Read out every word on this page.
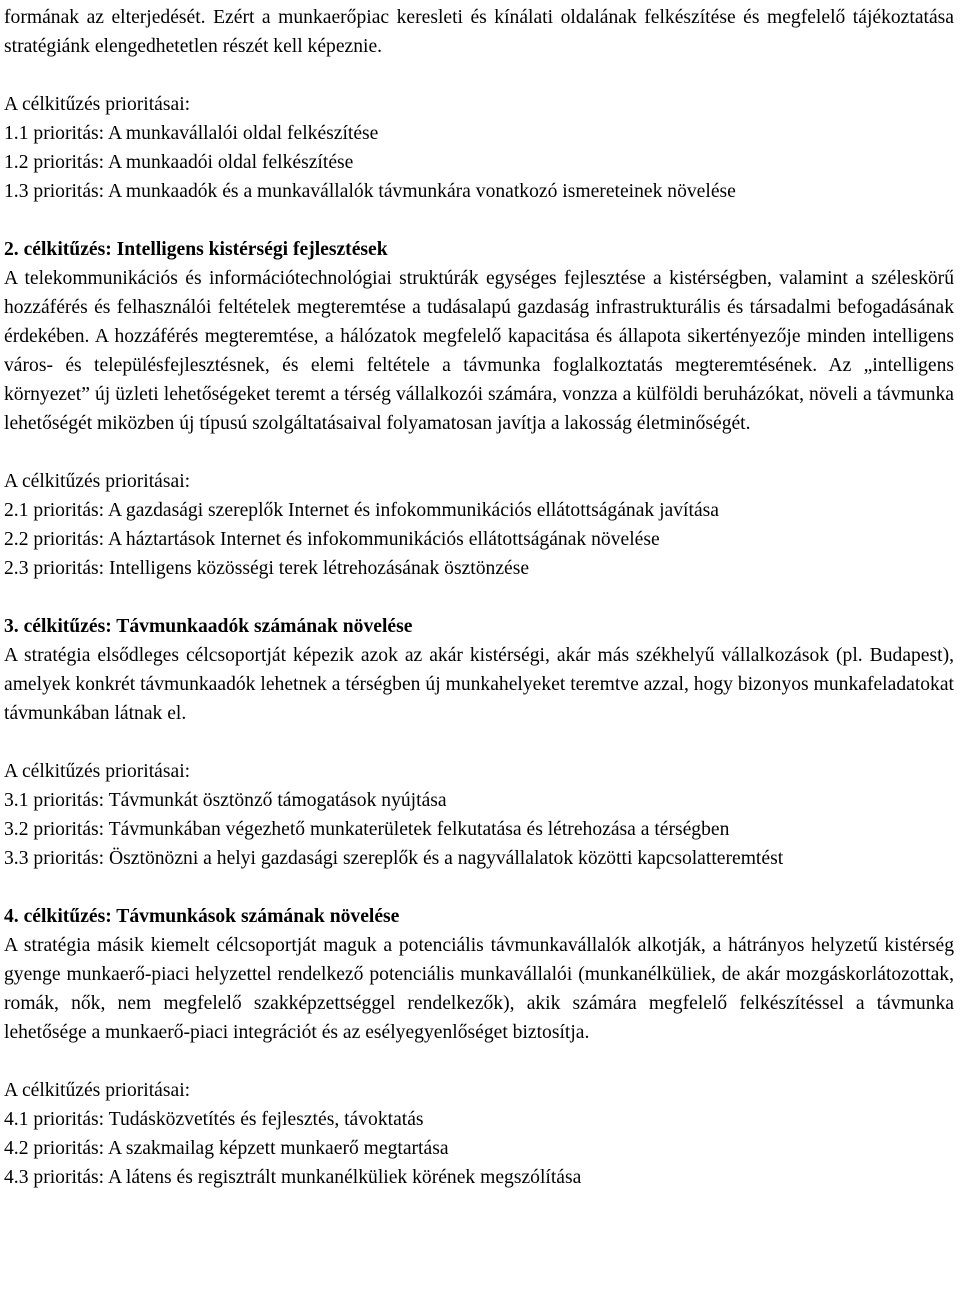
formának az elterjedését. Ezért a munkaerőpiac keresleti és kínálati oldalának felkészítése és megfelelő tájékoztatása stratégiánk elengedhetetlen részét kell képeznie.

A célkitűzés prioritásai:
1.1 prioritás: A munkavállalói oldal felkészítése
1.2 prioritás: A munkaadói oldal felkészítése
1.3 prioritás: A munkaadók és a munkavállalók távmunkára vonatkozó ismereteinek növelése
2. célkitűzés: Intelligens kistérségi fejlesztések

A telekommunikációs és információtechnológiai struktúrák egységes fejlesztése a kistérségben, valamint a széleskörű hozzáférés és felhasználói feltételek megteremtése a tudásalapú gazdaság infrastrukturális és társadalmi befogadásának érdekében. A hozzáférés megteremtése, a hálózatok megfelelő kapacitása és állapota sikertényezője minden intelligens város- és településfejlesztésnek, és elemi feltétele a távmunka foglalkoztatás megteremtésének. Az „intelligens környezet” új üzleti lehetőségeket teremt a térség vállalkozói számára, vonzza a külföldi beruházókat, növeli a távmunka lehetőségét miközben új típusú szolgáltatásaival folyamatosan javítja a lakosság életminőségét.

A célkitűzés prioritásai:
2.1 prioritás: A gazdasági szereplők Internet és infokommunikációs ellátottságának javítása
2.2 prioritás: A háztartások Internet és infokommunikációs ellátottságának növelése
2.3 prioritás: Intelligens közösségi terek létrehozásának ösztönzése
3. célkitűzés: Távmunkaadók számának növelése

A stratégia elsődleges célcsoportját képezik azok az akár kistérségi, akár más székhelyű vállalkozások (pl. Budapest), amelyek konkrét távmunkaadók lehetnek a térségben új munkahelyeket teremtve azzal, hogy bizonyos munkafeladatokat távmunkában látnak el.

A célkitűzés prioritásai:
3.1 prioritás: Távmunkát ösztönző támogatások nyújtása
3.2 prioritás: Távmunkában végezhető munkaterületek felkutatása és létrehozása a térségben

3.3 prioritás: Ösztönözni a helyi gazdasági szereplők és a nagyvállalatok közötti kapcsolatteremtést

4. célkitűzés: Távmunkások számának növelése

A stratégia másik kiemelt célcsoportját maguk a potenciális távmunkavállalók alkotják, a hátrányos helyzetű kistérség gyenge munkaerő-piaci helyzettel rendelkező potenciális munkavállalói (munkanélküliek, de akár mozgáskorlátozottak, romák, nők, nem megfelelő szakképzettséggel rendelkezők), akik számára megfelelő felkészítéssel a távmunka lehetősége a munkaerő-piaci integrációt és az esélyegyenlőséget biztosítja.

A célkitűzés prioritásai:
4.1 prioritás: Tudásközvetítés és fejlesztés, távoktatás
4.2 prioritás: A szakmailag képzett munkaerő megtartása
4.3 prioritás: A látens és regisztrált munkanélküliek körének megszólítása
